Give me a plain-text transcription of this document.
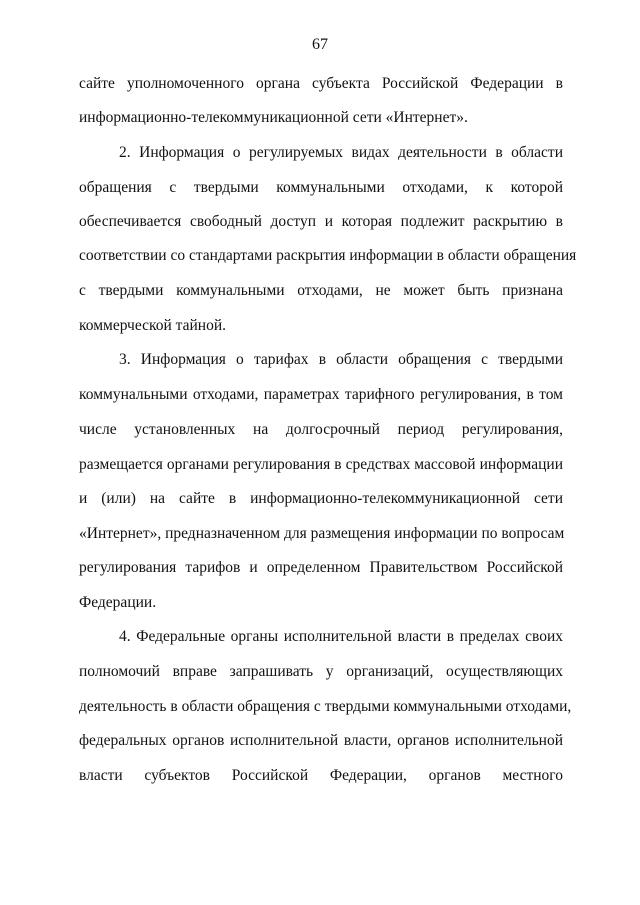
67
сайте уполномоченного органа субъекта Российской Федерации в
информационно-телекоммуникационной сети «Интернет».
2. Информация о регулируемых видах деятельности в области
обращения с твердыми коммунальными отходами, к которой
обеспечивается свободный доступ и которая подлежит раскрытию в
соответствии со стандартами раскрытия информации в области обращения
с твердыми коммунальными отходами, не может быть признана
коммерческой тайной.
3. Информация о тарифах в области обращения с твердыми
коммунальными отходами, параметрах тарифного регулирования, в том
числе установленных на долгосрочный период регулирования,
размещается органами регулирования в средствах массовой информации
и (или) на сайте в информационно-телекоммуникационной сети
«Интернет», предназначенном для размещения информации по вопросам
регулирования тарифов и определенном Правительством Российской
Федерации.
4. Федеральные органы исполнительной власти в пределах своих
полномочий вправе запрашивать у организаций, осуществляющих
деятельность в области обращения с твердыми коммунальными отходами,
федеральных органов исполнительной власти, органов исполнительной
власти субъектов Российской Федерации, органов местного
